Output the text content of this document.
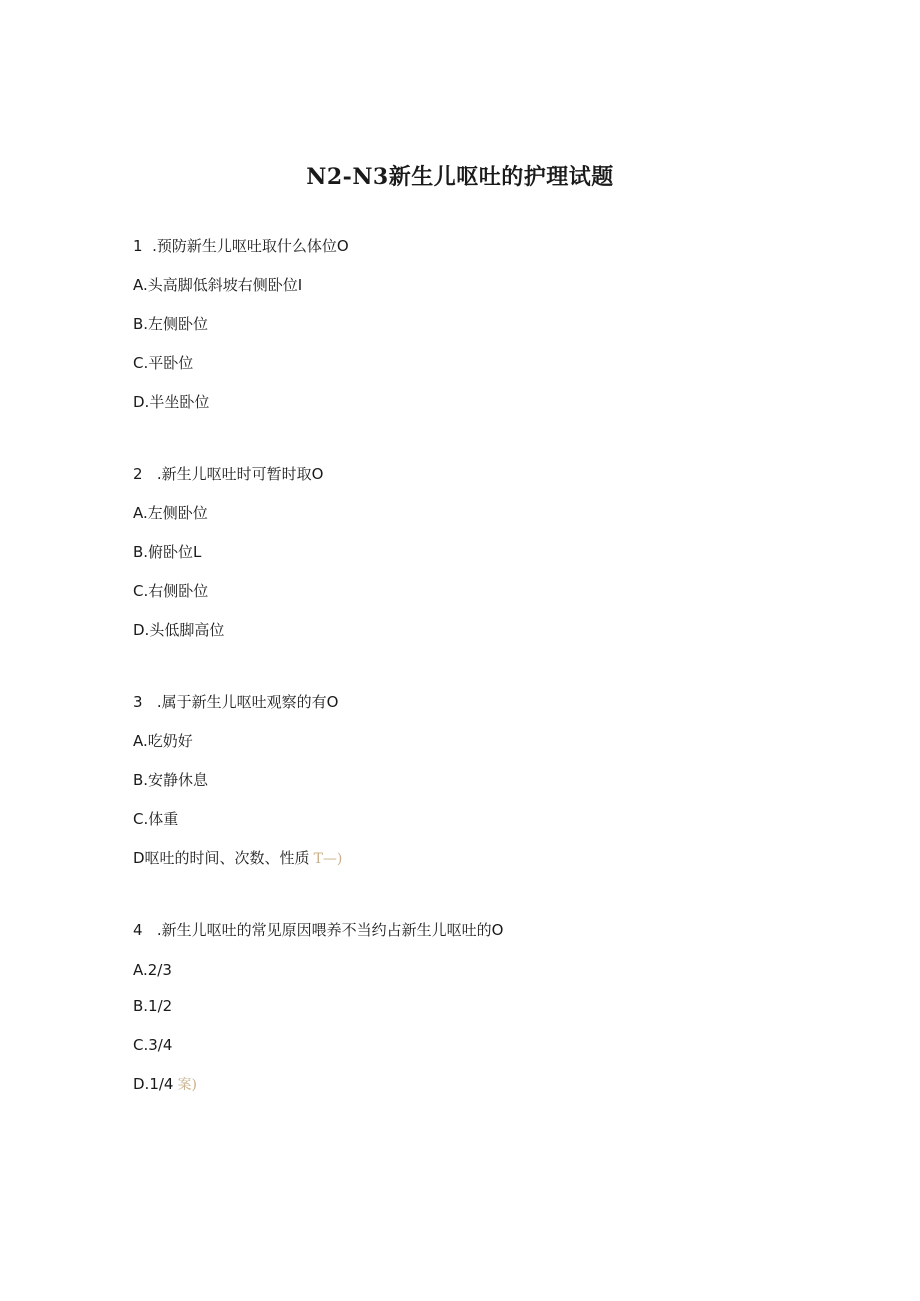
N2-N3新生儿呕吐的护理试题
1  .预防新生儿呕吐取什么体位O
A.头高脚低斜坡右侧卧位I
B.左侧卧位
C.平卧位
D.半坐卧位
2   .新生儿呕吐时可暂时取O
A.左侧卧位
B.俯卧位L
C.右侧卧位
D.头低脚高位
3   .属于新生儿呕吐观察的有O
A.吃奶好
B.安静休息
C.体重
D呕吐的时间、次数、性质 T—)
4   .新生儿呕吐的常见原因喂养不当约占新生儿呕吐的O
A.2/3
B.1/2
C.3/4
D.1/4 案)
